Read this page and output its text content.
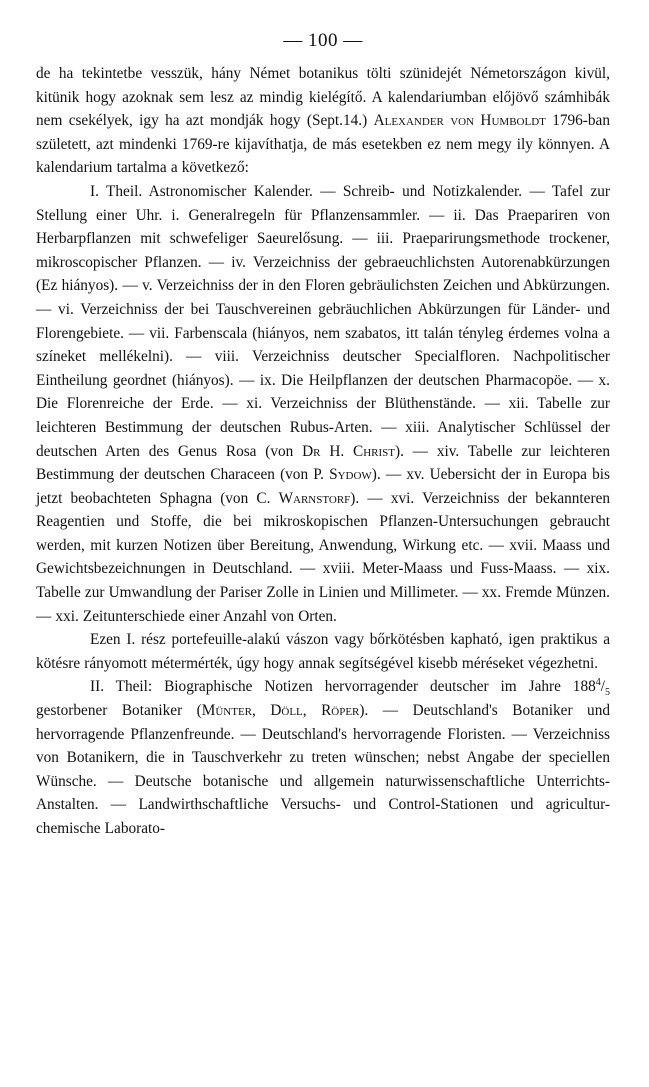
— 100 —

de ha tekintetbe vesszük, hány Német botanikus tölti szünidejét Németországon kivül, kitünik hogy azoknak sem lesz az mindig kielégítő. A kalendariumban előjövő számhibák nem csekélyek, igy ha azt mondják hogy (Sept.14.) Alexander von Humboldt 1796-ban született, azt mindenki 1769-re kijavíthatja, de más esetekben ez nem megy ily könnyen. A kalendarium tartalma a következő:

I. Theil. Astronomischer Kalender. — Schreib- und Notizkalender. — Tafel zur Stellung einer Uhr. i. Generalregeln für Pflanzensammler. — ii. Das Praepariren von Herbarpflanzen mit schwefeliger Saeurelősung. — iii. Praeparirungsmethode trockener, mikroscopischer Pflanzen. — iv. Verzeichniss der gebraeuchlichsten Autorenabkürzungen (Ez hiányos). — v. Verzeichniss der in den Floren gebräulichsten Zeichen und Abkürzungen. — vi. Verzeichniss der bei Tauschvereinen gebräuchlichen Abkürzungen für Länder- und Florengebiete. — vii. Farbenscala (hiányos, nem szabatos, itt talán tényleg érdemes volna a színeket mellékelni). — viii. Verzeichniss deutscher Specialfloren. Nachpolitischer Eintheilung geordnet (hiányos). — ix. Die Heilpflanzen der deutschen Pharmacopöe. — x. Die Florenreiche der Erde. — xi. Verzeichniss der Blüthenstände. — xii. Tabelle zur leichteren Bestimmung der deutschen Rubus-Arten. — xiii. Analytischer Schlüssel der deutschen Arten des Genus Rosa (von Dr H. Christ). — xiv. Tabelle zur leichteren Bestimmung der deutschen Characeen (von P. Sydow). — xv. Uebersicht der in Europa bis jetzt beobachteten Sphagna (von C. Warnstorf). — xvi. Verzeichniss der bekannteren Reagentien und Stoffe, die bei mikroskopischen Pflanzen-Untersuchungen gebraucht werden, mit kurzen Notizen über Bereitung, Anwendung, Wirkung etc. — xvii. Maass und Gewichtsbezeichnungen in Deutschland. — xviii. Meter-Maass und Fuss-Maass. — xix. Tabelle zur Umwandlung der Pariser Zolle in Linien und Millimeter. — xx. Fremde Münzen. — xxi. Zeitunterschiede einer Anzahl von Orten.

Ezen I. rész portefeuille-alakú vászon vagy bőrkötésben kapható, igen praktikus a kötésre rányomott métermérték, úgy hogy annak segítségével kisebb méréseket végezhetni.

II. Theil: Biographische Notizen hervorragender deutscher im Jahre $188^4/_5$ gestorbener Botaniker (Münter, Döll, Röper). — Deutschland's Botaniker und hervorragende Pflanzenfreunde. — Deutschland's hervorragende Floristen. — Verzeichniss von Botanikern, die in Tauschverkehr zu treten wünschen; nebst Angabe der speciellen Wünsche. — Deutsche botanische und allgemein naturwissenschaftliche Unterrichts-Anstalten. — Landwirthschaftliche Versuchs- und Control-Stationen und agricultur-chemische Laborato-
